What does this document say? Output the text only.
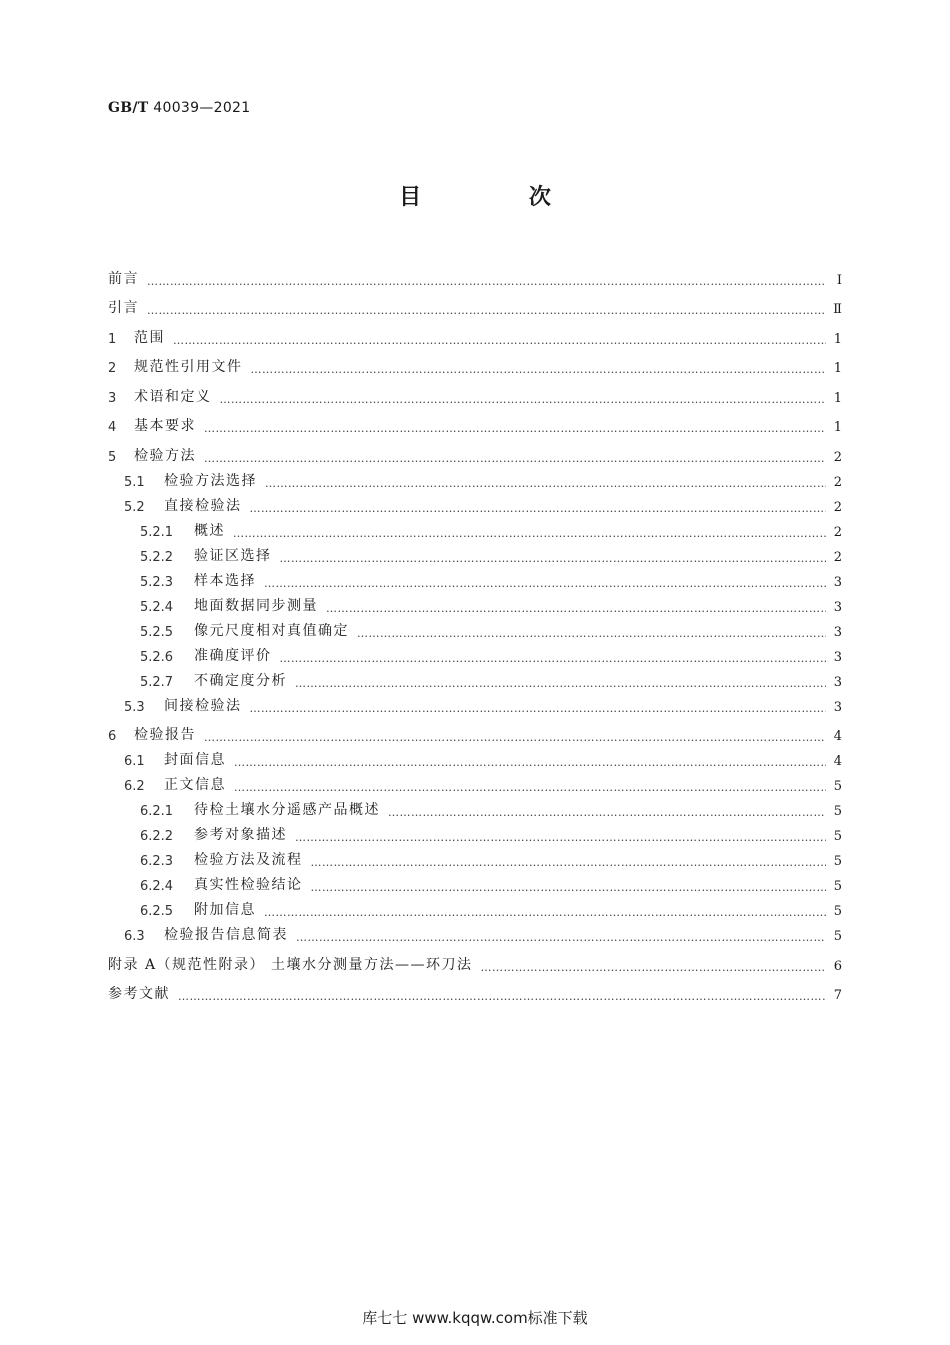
GB/T 40039—2021
目 次
前言 …………………………………………………………………………………………………………………………………………………………………………………………………………………………………………………………	Ⅰ
引言 …………………………………………………………………………………………………………………………………………………………………………………………………………………………………………………………	Ⅱ
1	范围 …………………………………………………………………………………………………………………………………………………………………………………………………………………………………………………………	1
2	规范性引用文件 …………………………………………………………………………………………………………………………………………………………………………………………………………………………………………………………	1
3	术语和定义 …………………………………………………………………………………………………………………………………………………………………………………………………………………………………………………………	1
4	基本要求 …………………………………………………………………………………………………………………………………………………………………………………………………………………………………………………………	1
5	检验方法 …………………………………………………………………………………………………………………………………………………………………………………………………………………………………………………………	2
5.1	检验方法选择 …………………………………………………………………………………………………………………………………………………………………………………………………………………………………………………………	2
5.2	直接检验法 …………………………………………………………………………………………………………………………………………………………………………………………………………………………………………………………	2
5.2.1	概述 …………………………………………………………………………………………………………………………………………………………………………………………………………………………………………………………	2
5.2.2	验证区选择 …………………………………………………………………………………………………………………………………………………………………………………………………………………………………………………………	2
5.2.3	样本选择 …………………………………………………………………………………………………………………………………………………………………………………………………………………………………………………………	3
5.2.4	地面数据同步测量 …………………………………………………………………………………………………………………………………………………………………………………………………………………………………………………………	3
5.2.5	像元尺度相对真值确定 …………………………………………………………………………………………………………………………………………………………………………………………………………………………………………………………	3
5.2.6	准确度评价 …………………………………………………………………………………………………………………………………………………………………………………………………………………………………………………………	3
5.2.7	不确定度分析 …………………………………………………………………………………………………………………………………………………………………………………………………………………………………………………………	3
5.3	间接检验法 …………………………………………………………………………………………………………………………………………………………………………………………………………………………………………………………	3
6	检验报告 …………………………………………………………………………………………………………………………………………………………………………………………………………………………………………………………	4
6.1	封面信息 …………………………………………………………………………………………………………………………………………………………………………………………………………………………………………………………	4
6.2	正文信息 …………………………………………………………………………………………………………………………………………………………………………………………………………………………………………………………	5
6.2.1	待检土壤水分遥感产品概述 …………………………………………………………………………………………………………………………………………………………………………………………………………………………………………………………	5
6.2.2	参考对象描述 …………………………………………………………………………………………………………………………………………………………………………………………………………………………………………………………	5
6.2.3	检验方法及流程 …………………………………………………………………………………………………………………………………………………………………………………………………………………………………………………………	5
6.2.4	真实性检验结论 …………………………………………………………………………………………………………………………………………………………………………………………………………………………………………………………	5
6.2.5	附加信息 …………………………………………………………………………………………………………………………………………………………………………………………………………………………………………………………	5
6.3	检验报告信息简表 …………………………………………………………………………………………………………………………………………………………………………………………………………………………………………………………	5
附录 A（规范性附录） 土壤水分测量方法——环刀法 …………………………………………………………………………………………………………………………………………………………………………………………………………………………………………………………	6
参考文献 …………………………………………………………………………………………………………………………………………………………………………………………………………………………………………………………	7
库七七 www.kqqw.com标准下载
